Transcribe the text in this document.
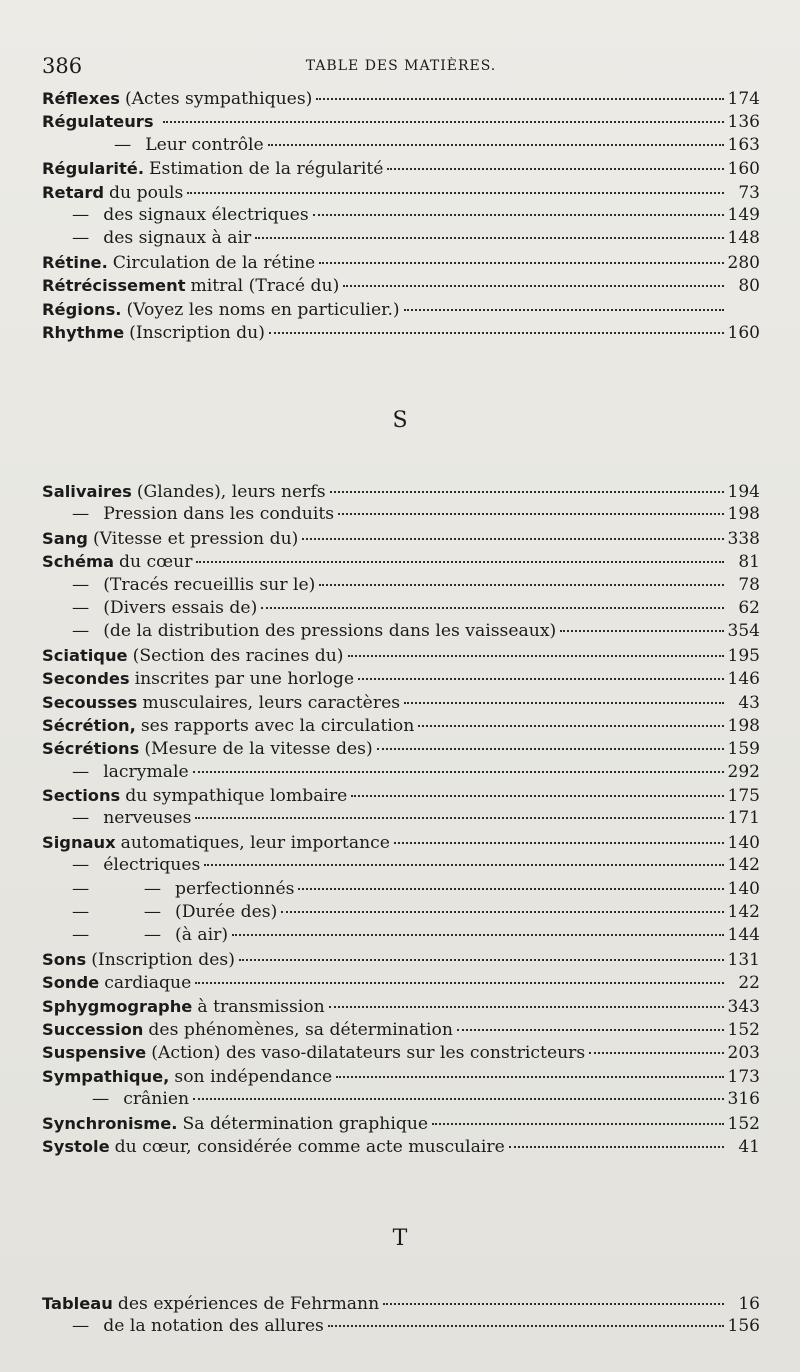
386	TABLE DES MATIÈRES.
Réflexes (Actes sympathiques)	174
Régulateurs	136
— Leur contrôle	163
Régularité. Estimation de la régularité	160
Retard du pouls	73
— des signaux électriques	149
— des signaux à air	148
Rétine. Circulation de la rétine	280
Rétrécissement mitral (Tracé du)	80
Régions. (Voyez les noms en particulier.)
Rhythme (Inscription du)	160
S
Salivaires (Glandes), leurs nerfs	194
— Pression dans les conduits	198
Sang (Vitesse et pression du)	338
Schéma du cœur	81
— (Tracés recueillis sur le)	78
— (Divers essais de)	62
— (de la distribution des pressions dans les vaisseaux)	354
Sciatique (Section des racines du)	195
Secondes inscrites par une horloge	146
Secousses musculaires, leurs caractères	43
Sécrétion, ses rapports avec la circulation	198
Sécrétions (Mesure de la vitesse des)	159
— lacrymale	292
Sections du sympathique lombaire	175
— nerveuses	171
Signaux automatiques, leur importance	140
— électriques	142
—          — perfectionnés	140
—          — (Durée des)	142
—          — (à air)	144
Sons (Inscription des)	131
Sonde cardiaque	22
Sphygmographe à transmission	343
Succession des phénomènes, sa détermination	152
Suspensive (Action) des vaso-dilatateurs sur les constricteurs	203
Sympathique, son indépendance	173
— crânien	316
Synchronisme. Sa détermination graphique	152
Systole du cœur, considérée comme acte musculaire	41
T
Tableau des expériences de Fehrmann	16
— de la notation des allures	156
